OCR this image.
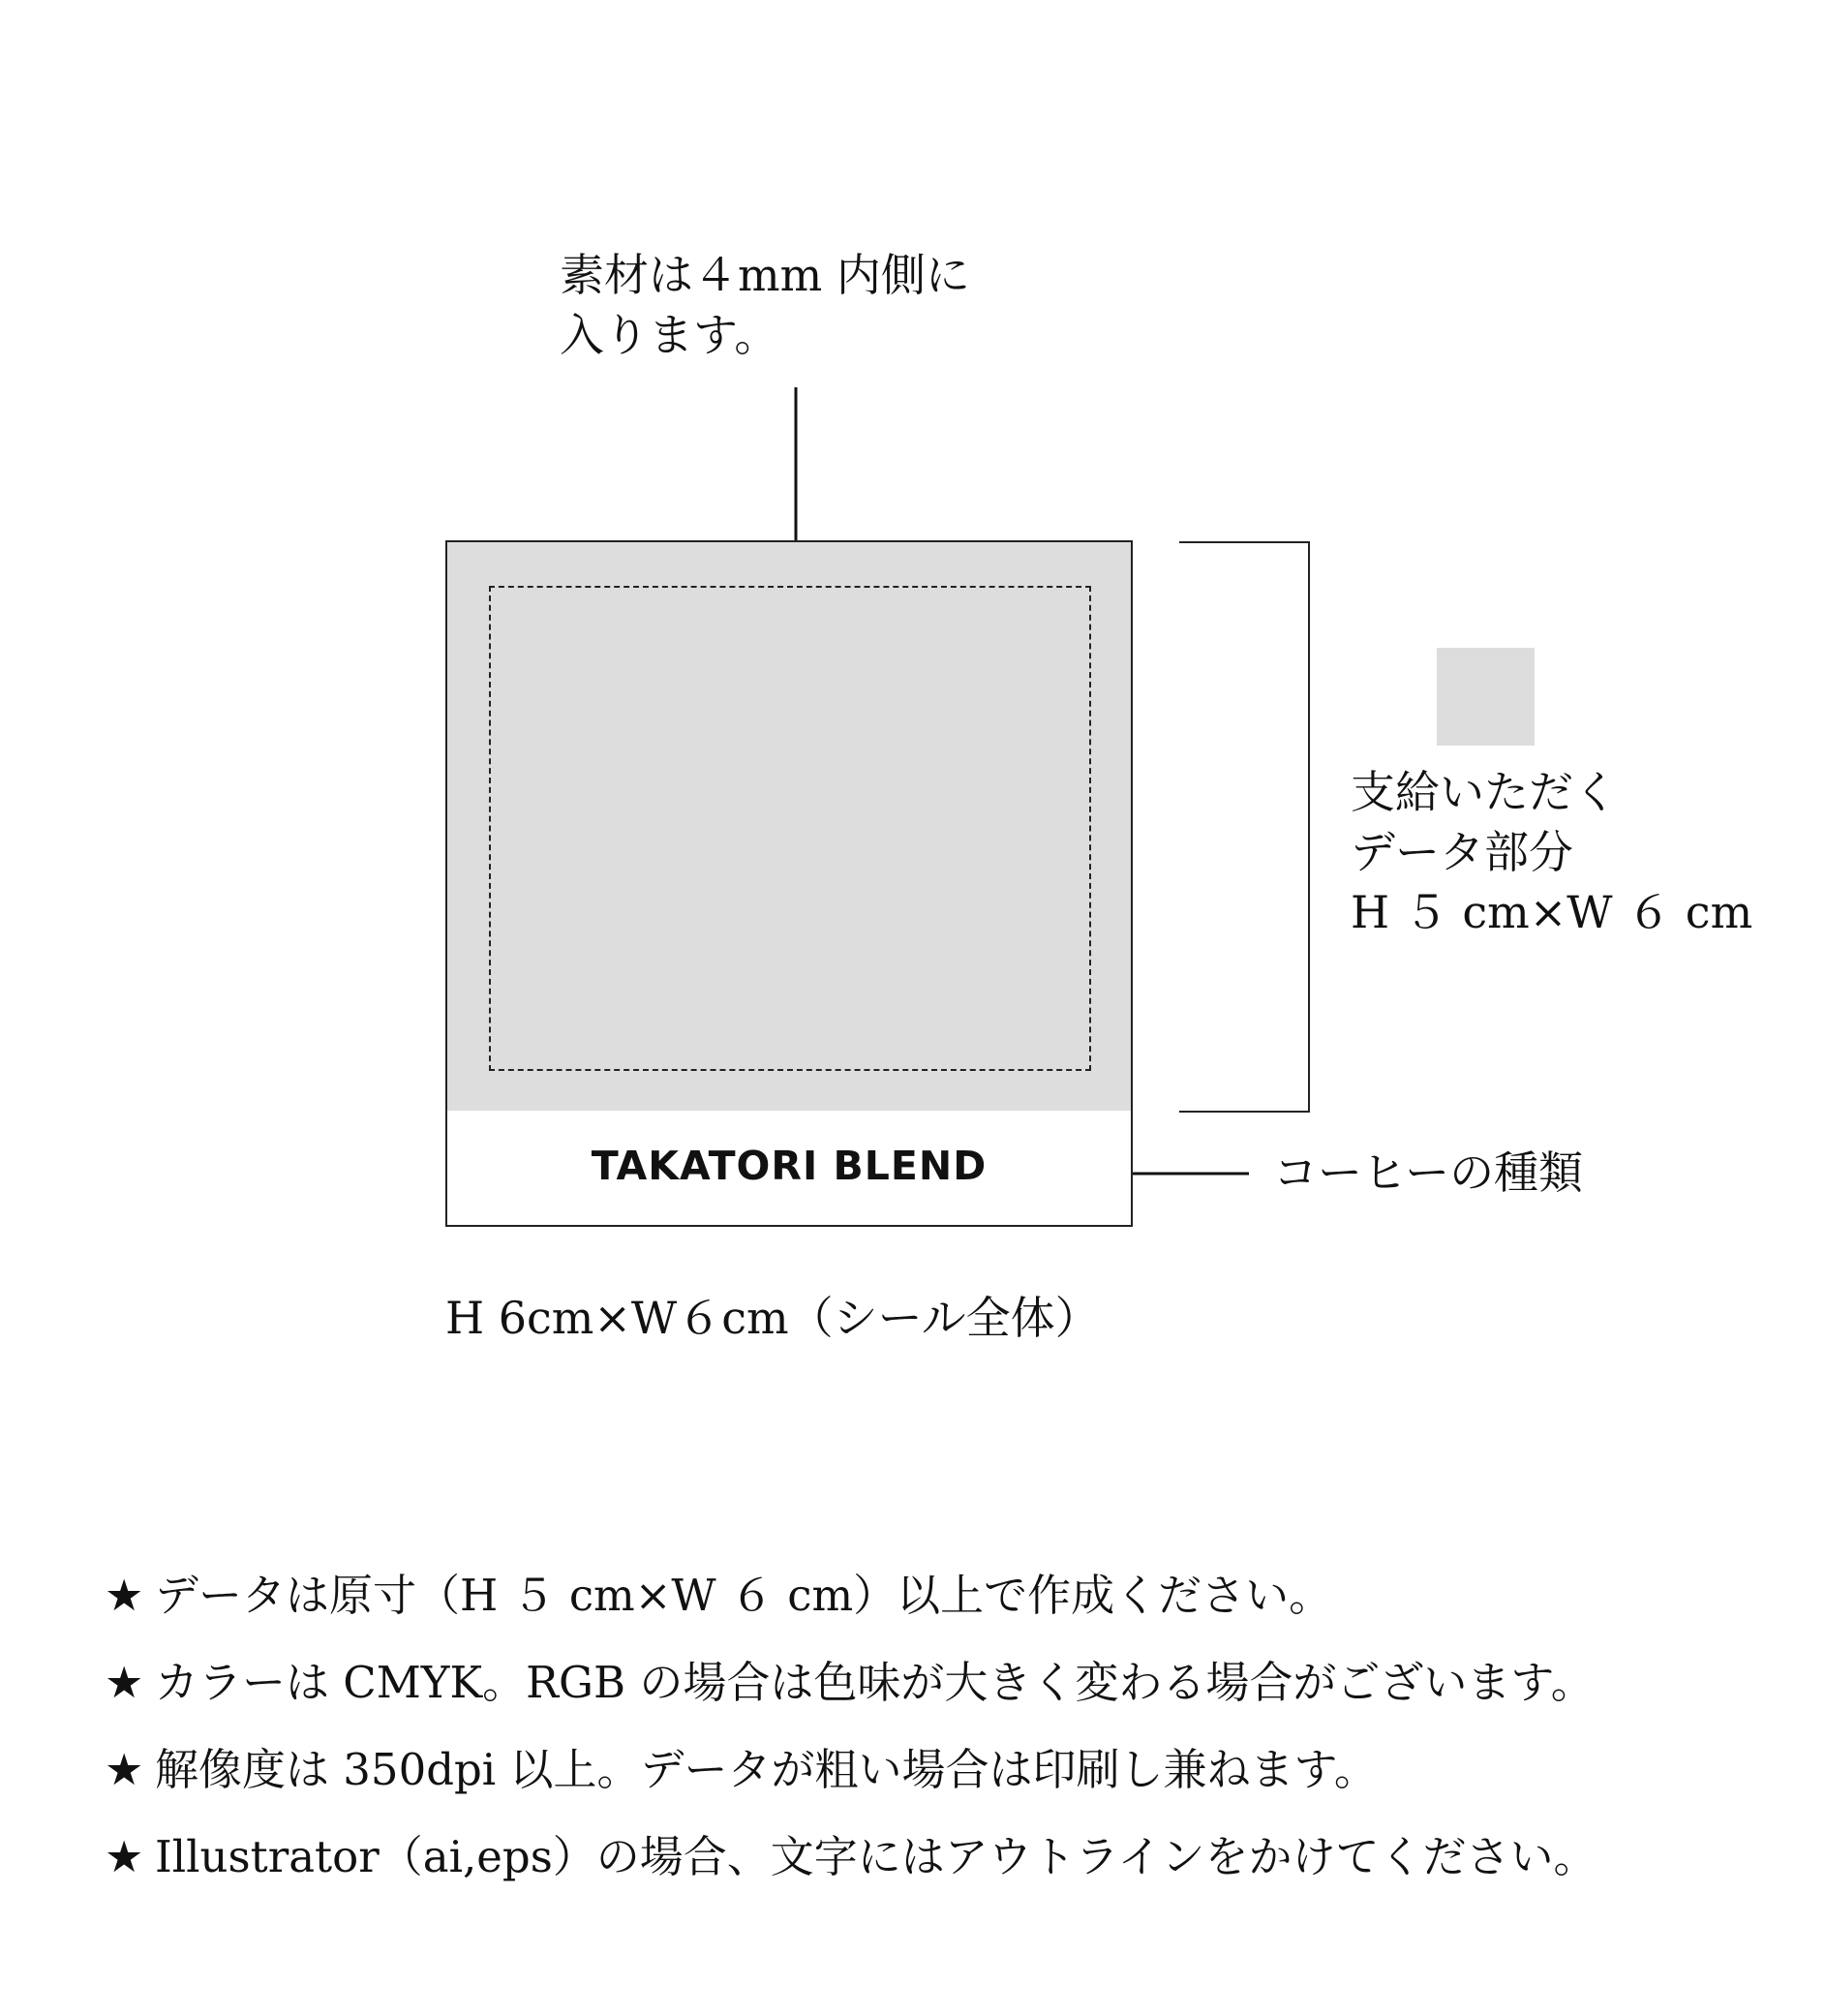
素材は４mm 内側に
入ります。
TAKATORI BLEND
支給いただく
データ部分
H ５ cm×W ６ cm
コーヒーの種類
H 6cm×W６cm（シール全体）
★ データは原寸（H ５ cm×W ６ cm）以上で作成ください。
★ カラーは CMYK。RGB の場合は色味が大きく変わる場合がございます。
★ 解像度は 350dpi 以上。データが粗い場合は印刷し兼ねます。
★ Illustrator（ai,eps）の場合、文字にはアウトラインをかけてください。
